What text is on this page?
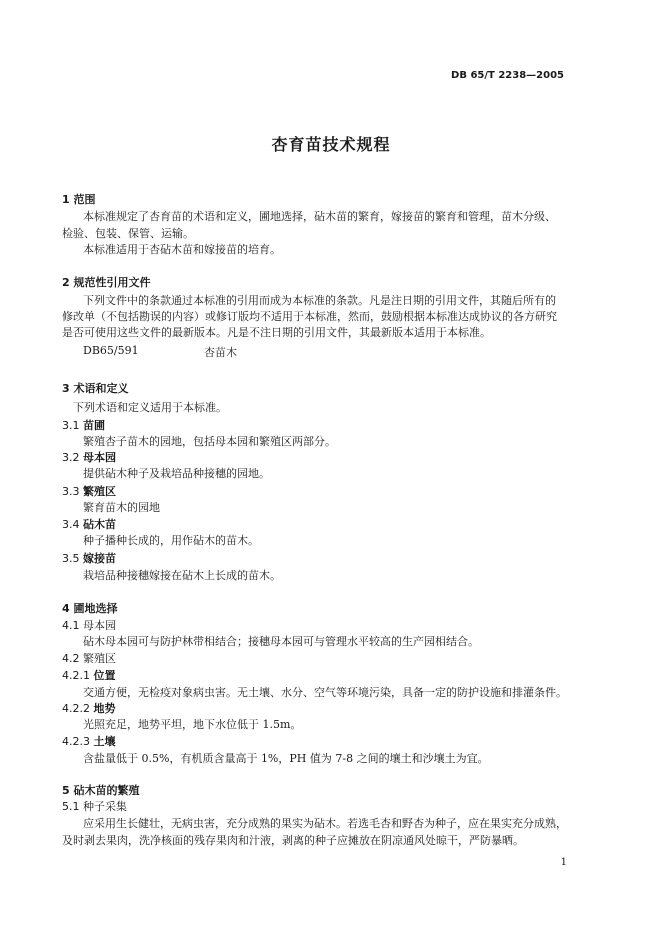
DB 65/T 2238—2005
杏育苗技术规程
1 范围
本标准规定了杏育苗的术语和定义，圃地选择，砧木苗的繁育，嫁接苗的繁育和管理，苗木分级、
检验、包装、保管、运输。
本标准适用于杏砧木苗和嫁接苗的培育。
2 规范性引用文件
下列文件中的条款通过本标准的引用而成为本标准的条款。凡是注日期的引用文件，其随后所有的
修改单（不包括勘误的内容）或修订版均不适用于本标准，然而，鼓励根据本标准达成协议的各方研究
是否可使用这些文件的最新版本。凡是不注日期的引用文件，其最新版本适用于本标准。
DB65/591	杏苗木
3 术语和定义
下列术语和定义适用于本标准。
3.1 苗圃
繁殖杏子苗木的园地，包括母本园和繁殖区两部分。
3.2 母本园
提供砧木种子及栽培品种接穗的园地。
3.3 繁殖区
繁育苗木的园地
3.4 砧木苗
种子播种长成的，用作砧木的苗木。
3.5 嫁接苗
栽培品种接穗嫁接在砧木上长成的苗木。
4 圃地选择
4.1 母本园
砧木母本园可与防护林带相结合；接穗母本园可与管理水平较高的生产园相结合。
4.2 繁殖区
4.2.1 位置
交通方便，无检疫对象病虫害。无土壤、水分、空气等环境污染，具备一定的防护设施和排灌条件。
4.2.2 地势
光照充足，地势平坦，地下水位低于 1.5m。
4.2.3 土壤
含盐量低于 0.5%，有机质含量高于 1%，PH 值为 7-8 之间的壤土和沙壤土为宜。
5 砧木苗的繁殖
5.1 种子采集
应采用生长健壮，无病虫害，充分成熟的果实为砧木。若选毛杏和野杏为种子，应在果实充分成熟，
及时剥去果肉，洗净核面的残存果肉和汁液，剥离的种子应摊放在阴凉通风处晾干，严防暴晒。
1
